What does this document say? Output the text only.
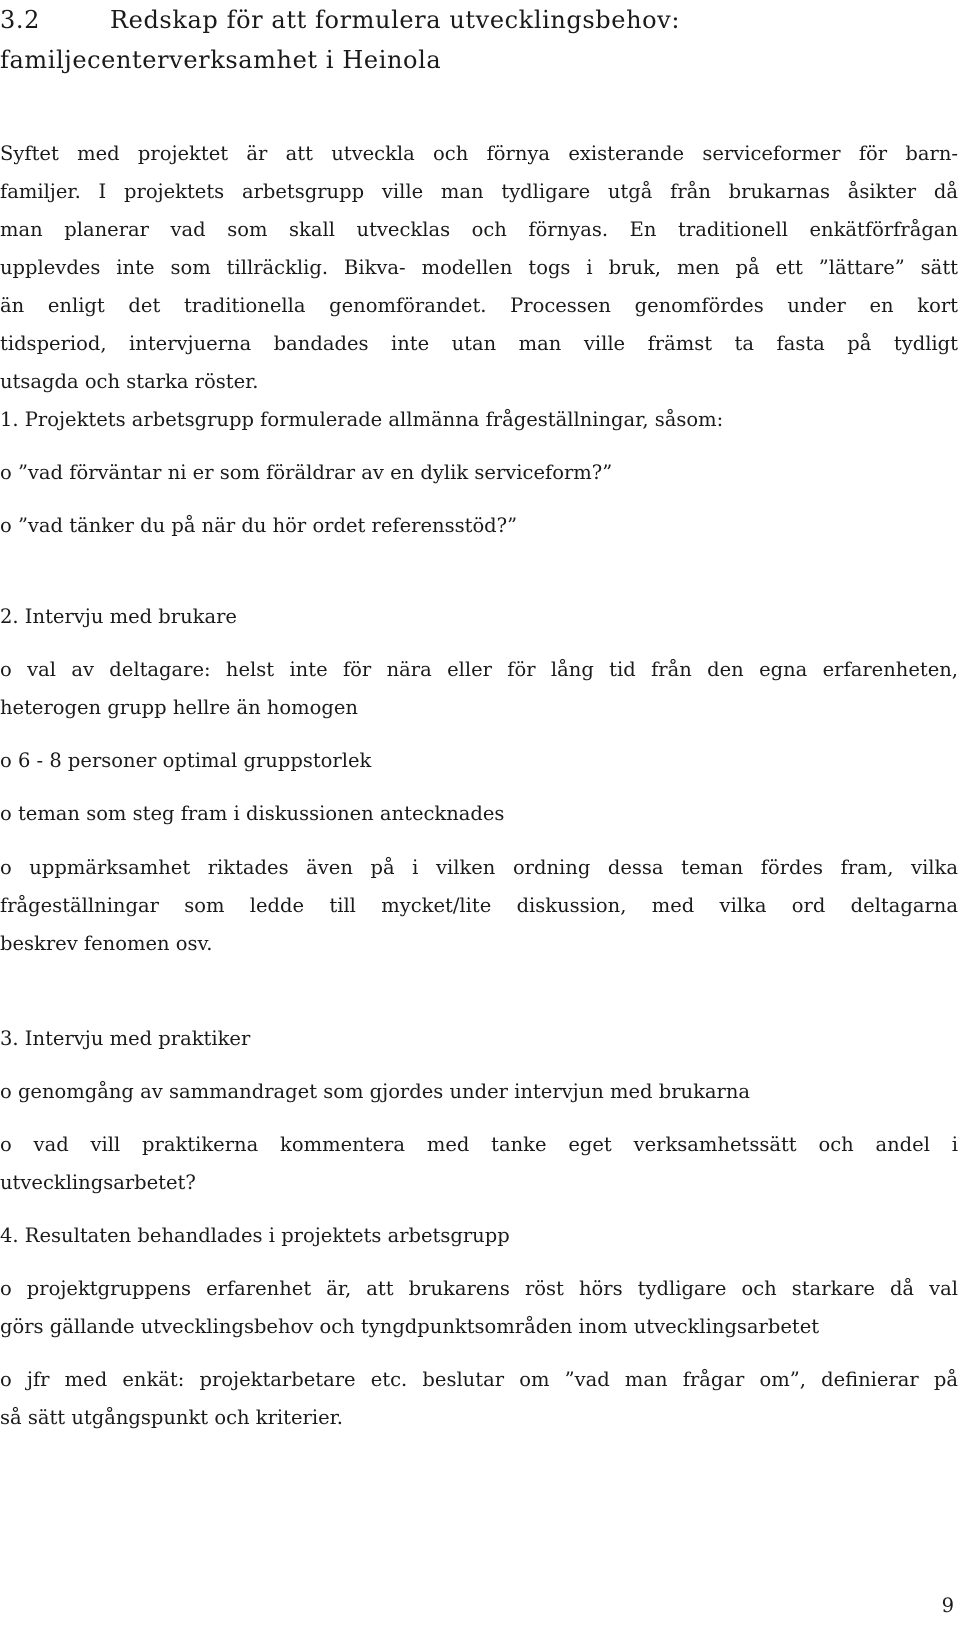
3.2	Redskap för att formulera utvecklingsbehov:
familjecenterverksamhet i Heinola
Syftet med projektet är att utveckla och förnya existerande serviceformer för barn-
familjer. I projektets arbetsgrupp ville man tydligare utgå från brukarnas åsikter då
man planerar vad som skall utvecklas och förnyas. En traditionell enkätförfrågan
upplevdes inte som tillräcklig. Bikva- modellen togs i bruk, men på ett ”lättare” sätt
än enligt det traditionella genomförandet. Processen genomfördes under en kort
tidsperiod, intervjuerna bandades inte utan man ville främst ta fasta på tydligt
utsagda och starka röster.
1. Projektets arbetsgrupp formulerade allmänna frågeställningar, såsom:
o ”vad förväntar ni er som föräldrar av en dylik serviceform?”
o ”vad tänker du på när du hör ordet referensstöd?”
2. Intervju med brukare
o val av deltagare: helst inte för nära eller för lång tid från den egna erfarenheten,
heterogen grupp hellre än homogen
o 6 - 8 personer optimal gruppstorlek
o teman som steg fram i diskussionen antecknades
o uppmärksamhet riktades även på i vilken ordning dessa teman fördes fram, vilka
frågeställningar som ledde till mycket/lite diskussion, med vilka ord deltagarna
beskrev fenomen osv.
3. Intervju med praktiker
o genomgång av sammandraget som gjordes under intervjun med brukarna
o vad vill praktikerna kommentera med tanke eget verksamhetssätt och andel i
utvecklingsarbetet?
4. Resultaten behandlades i projektets arbetsgrupp
o projektgruppens erfarenhet är, att brukarens röst hörs tydligare och starkare då val
görs gällande utvecklingsbehov och tyngdpunktsområden inom utvecklingsarbetet
o jfr med enkät: projektarbetare etc. beslutar om ”vad man frågar om”, definierar på
så sätt utgångspunkt och kriterier.
9
